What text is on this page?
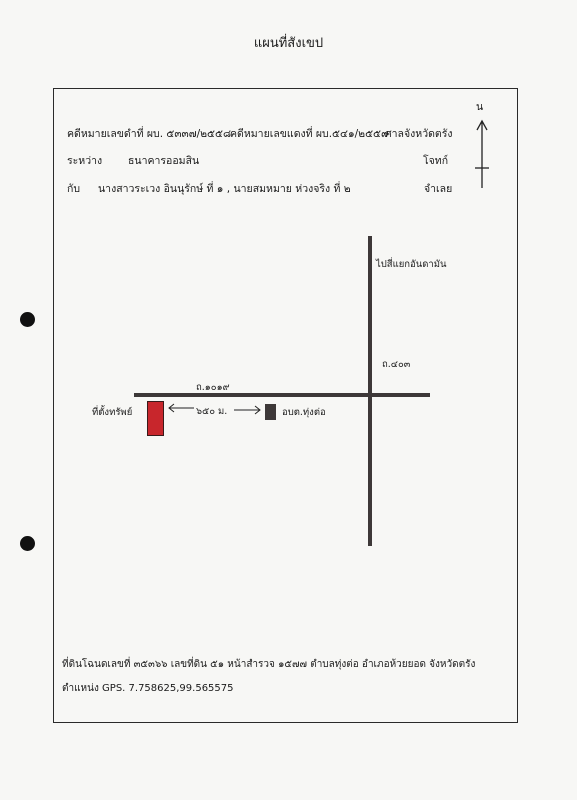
แผนที่สังเขป
คดีหมายเลขดำที่ ผบ. ๕๓๓๗/๒๕๕๘
คดีหมายเลขแดงที่ ผบ.๕๔๑/๒๕๕๙
ศาลจังหวัดตรัง
ระหว่าง ธนาคารออมสิน	โจทก์
กับ นางสาวระเวง อินนุรักษ์ ที่ ๑ , นายสมหมาย ห่วงจริง ที่ ๒	จำเลย
น
ไปสี่แยกอันดามัน
ถ.๔๐๓
ถ.๑๐๑๙
ที่ตั้งทรัพย์	๖๕๐ ม.	อบต.ทุ่งต่อ
ที่ดินโฉนดเลขที่ ๓๕๓๖๖ เลขที่ดิน ๕๑ หน้าสำรวจ ๑๕๗๗ ตำบลทุ่งต่อ อำเภอห้วยยอด จังหวัดตรัง
ตำแหน่ง GPS. 7.758625,99.565575
